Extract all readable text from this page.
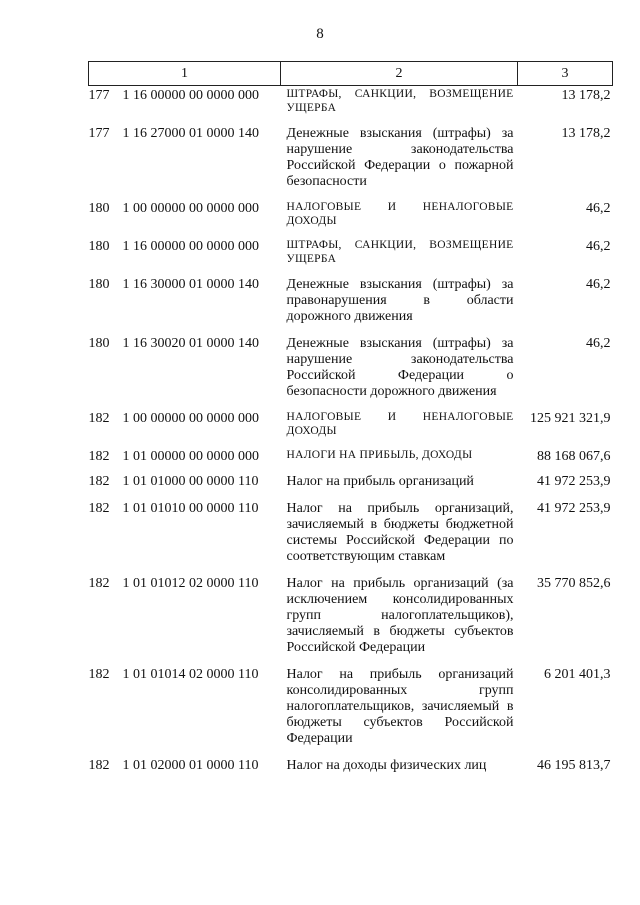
8
1	2	3
177 1 16 00000 00 0000 000	ШТРАФЫ, САНКЦИИ, ВОЗМЕЩЕНИЕ УЩЕРБА	13 178,2
177 1 16 27000 01 0000 140	Денежные взыскания (штрафы) за нарушение законодательства Российской Федерации о пожарной безопасности	13 178,2
180 1 00 00000 00 0000 000	НАЛОГОВЫЕ И НЕНАЛОГОВЫЕ ДОХОДЫ	46,2
180 1 16 00000 00 0000 000	ШТРАФЫ, САНКЦИИ, ВОЗМЕЩЕНИЕ УЩЕРБА	46,2
180 1 16 30000 01 0000 140	Денежные взыскания (штрафы) за правонарушения в области дорожного движения	46,2
180 1 16 30020 01 0000 140	Денежные взыскания (штрафы) за нарушение законодательства Российской Федерации о безопасности дорожного движения	46,2
182 1 00 00000 00 0000 000	НАЛОГОВЫЕ И НЕНАЛОГОВЫЕ ДОХОДЫ	125 921 321,9
182 1 01 00000 00 0000 000	НАЛОГИ НА ПРИБЫЛЬ, ДОХОДЫ	88 168 067,6
182 1 01 01000 00 0000 110	Налог на прибыль организаций	41 972 253,9
182 1 01 01010 00 0000 110	Налог на прибыль организаций, зачисляемый в бюджеты бюджетной системы Российской Федерации по соответствующим ставкам	41 972 253,9
182 1 01 01012 02 0000 110	Налог на прибыль организаций (за исключением консолидированных групп налогоплательщиков), зачисляемый в бюджеты субъектов Российской Федерации	35 770 852,6
182 1 01 01014 02 0000 110	Налог на прибыль организаций консолидированных групп налогоплательщиков, зачисляемый в бюджеты субъектов Российской Федерации	6 201 401,3
182 1 01 02000 01 0000 110	Налог на доходы физических лиц	46 195 813,7
